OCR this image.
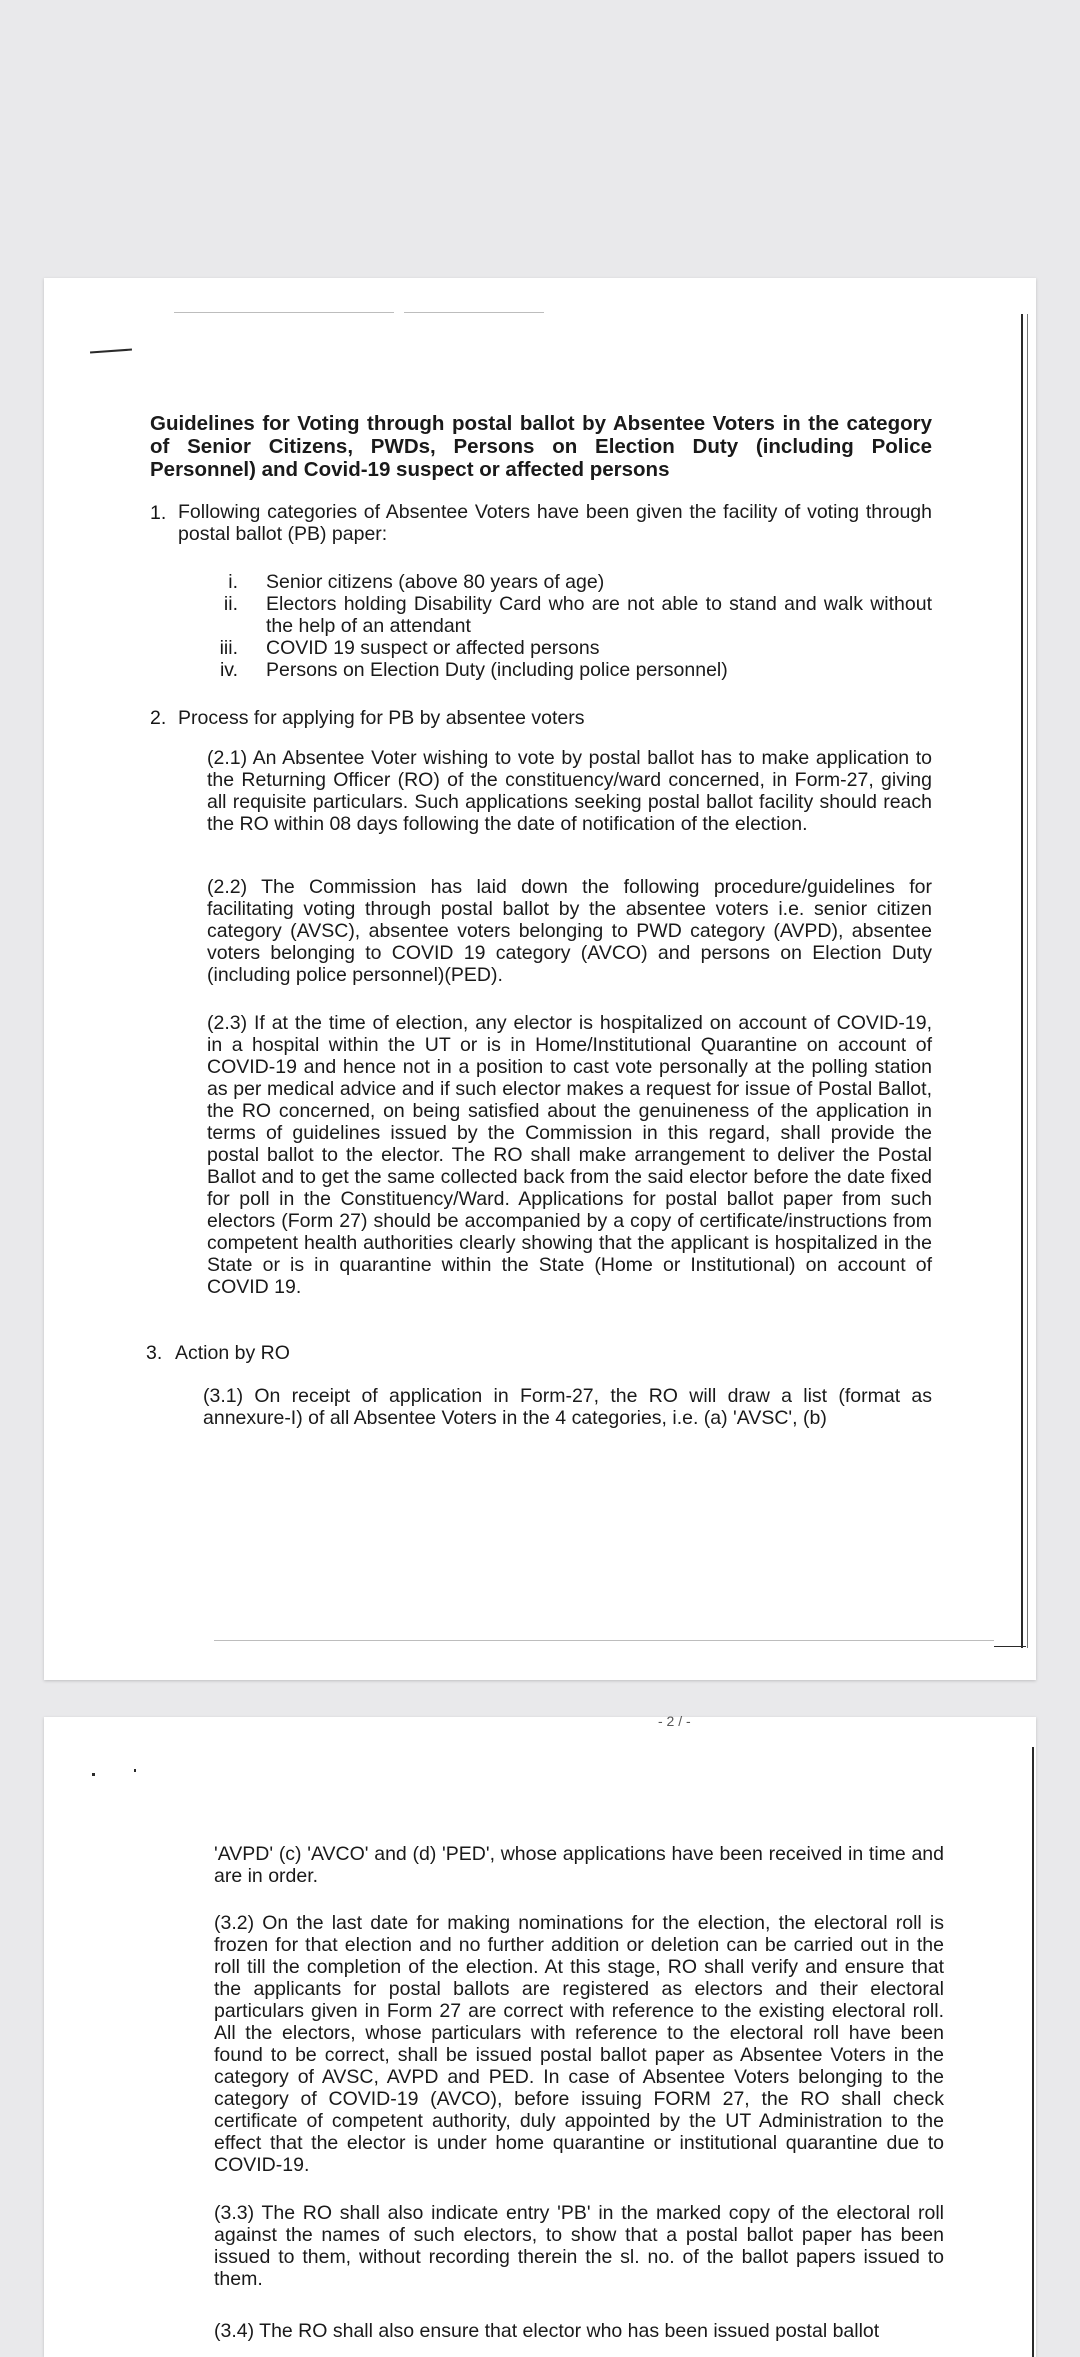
Guidelines for Voting through postal ballot by Absentee Voters in the category of Senior Citizens, PWDs, Persons on Election Duty (including Police Personnel) and Covid-19 suspect or affected persons
1. Following categories of Absentee Voters have been given the facility of voting through postal ballot (PB) paper:
i. Senior citizens (above 80 years of age)
ii. Electors holding Disability Card who are not able to stand and walk without the help of an attendant
iii. COVID 19 suspect or affected persons
iv. Persons on Election Duty (including police personnel)
2. Process for applying for PB by absentee voters
(2.1) An Absentee Voter wishing to vote by postal ballot has to make application to the Returning Officer (RO) of the constituency/ward concerned, in Form-27, giving all requisite particulars. Such applications seeking postal ballot facility should reach the RO within 08 days following the date of notification of the election.
(2.2) The Commission has laid down the following procedure/guidelines for facilitating voting through postal ballot by the absentee voters i.e. senior citizen category (AVSC), absentee voters belonging to PWD category (AVPD), absentee voters belonging to COVID 19 category (AVCO) and persons on Election Duty (including police personnel)(PED).
(2.3) If at the time of election, any elector is hospitalized on account of COVID-19, in a hospital within the UT or is in Home/Institutional Quarantine on account of COVID-19 and hence not in a position to cast vote personally at the polling station as per medical advice and if such elector makes a request for issue of Postal Ballot, the RO concerned, on being satisfied about the genuineness of the application in terms of guidelines issued by the Commission in this regard, shall provide the postal ballot to the elector. The RO shall make arrangement to deliver the Postal Ballot and to get the same collected back from the said elector before the date fixed for poll in the Constituency/Ward. Applications for postal ballot paper from such electors (Form 27) should be accompanied by a copy of certificate/instructions from competent health authorities clearly showing that the applicant is hospitalized in the State or is in quarantine within the State (Home or Institutional) on account of COVID 19.
3. Action by RO
(3.1) On receipt of application in Form-27, the RO will draw a list (format as annexure-I) of all Absentee Voters in the 4 categories, i.e. (a) 'AVSC', (b)
- 2 / -
'AVPD' (c) 'AVCO' and (d) 'PED', whose applications have been received in time and are in order.
(3.2) On the last date for making nominations for the election, the electoral roll is frozen for that election and no further addition or deletion can be carried out in the roll till the completion of the election. At this stage, RO shall verify and ensure that the applicants for postal ballots are registered as electors and their electoral particulars given in Form 27 are correct with reference to the existing electoral roll. All the electors, whose particulars with reference to the electoral roll have been found to be correct, shall be issued postal ballot paper as Absentee Voters in the category of AVSC, AVPD and PED. In case of Absentee Voters belonging to the category of COVID-19 (AVCO), before issuing FORM 27, the RO shall check certificate of competent authority, duly appointed by the UT Administration to the effect that the elector is under home quarantine or institutional quarantine due to COVID-19.
(3.3) The RO shall also indicate entry 'PB' in the marked copy of the electoral roll against the names of such electors, to show that a postal ballot paper has been issued to them, without recording therein the sl. no. of the ballot papers issued to them.
(3.4) The RO shall also ensure that elector who has been issued postal ballot
